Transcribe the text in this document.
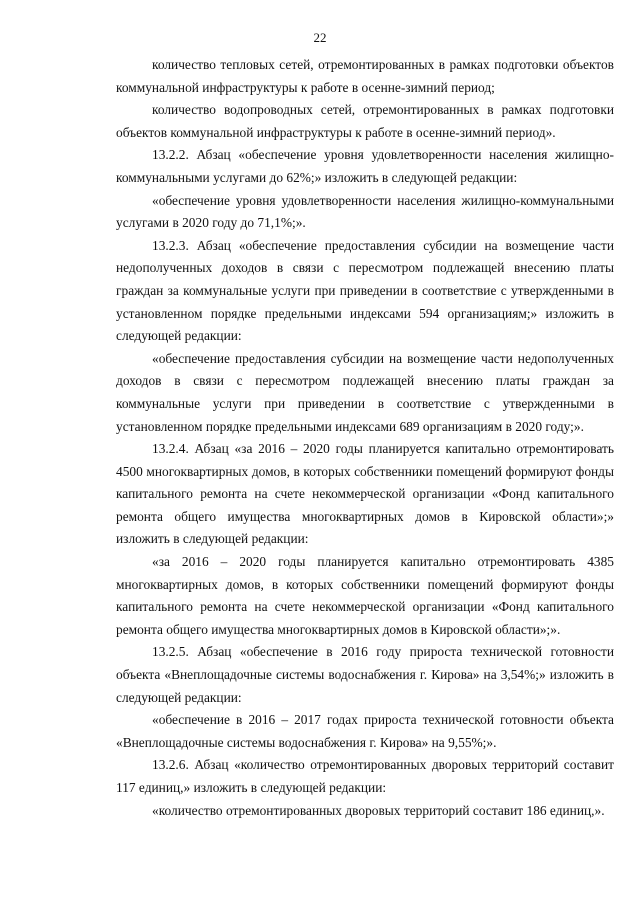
22

количество тепловых сетей, отремонтированных в рамках подготовки объектов коммунальной инфраструктуры к работе в осенне-зимний период;

количество водопроводных сетей, отремонтированных в рамках подготовки объектов коммунальной инфраструктуры к работе в осенне-зимний период».

13.2.2. Абзац «обеспечение уровня удовлетворенности населения жилищно-коммунальными услугами до 62%;» изложить в следующей редакции:

«обеспечение уровня удовлетворенности населения жилищно-коммунальными услугами в 2020 году до 71,1%;».

13.2.3. Абзац «обеспечение предоставления субсидии на возмещение части недополученных доходов в связи с пересмотром подлежащей внесению платы граждан за коммунальные услуги при приведении в соответствие с утвержденными в установленном порядке предельными индексами 594 организациям;» изложить в следующей редакции:

«обеспечение предоставления субсидии на возмещение части недополученных доходов в связи с пересмотром подлежащей внесению платы граждан за коммунальные услуги при приведении в соответствие с утвержденными в установленном порядке предельными индексами 689 организациям в 2020 году;».

13.2.4. Абзац «за 2016 – 2020 годы планируется капитально отремонтировать 4500 многоквартирных домов, в которых собственники помещений формируют фонды капитального ремонта на счете некоммерческой организации «Фонд капитального ремонта общего имущества многоквартирных домов в Кировской области»;» изложить в следующей редакции:

«за 2016 – 2020 годы планируется капитально отремонтировать 4385 многоквартирных домов, в которых собственники помещений формируют фонды капитального ремонта на счете некоммерческой организации «Фонд капитального ремонта общего имущества многоквартирных домов в Кировской области»;».

13.2.5. Абзац «обеспечение в 2016 году прироста технической готовности объекта «Внеплощадочные системы водоснабжения г. Кирова» на 3,54%;» изложить в следующей редакции:

«обеспечение в 2016 – 2017 годах прироста технической готовности объекта «Внеплощадочные системы водоснабжения г. Кирова» на 9,55%;».

13.2.6. Абзац «количество отремонтированных дворовых территорий составит 117 единиц,» изложить в следующей редакции:

«количество отремонтированных дворовых территорий составит 186 единиц,».
